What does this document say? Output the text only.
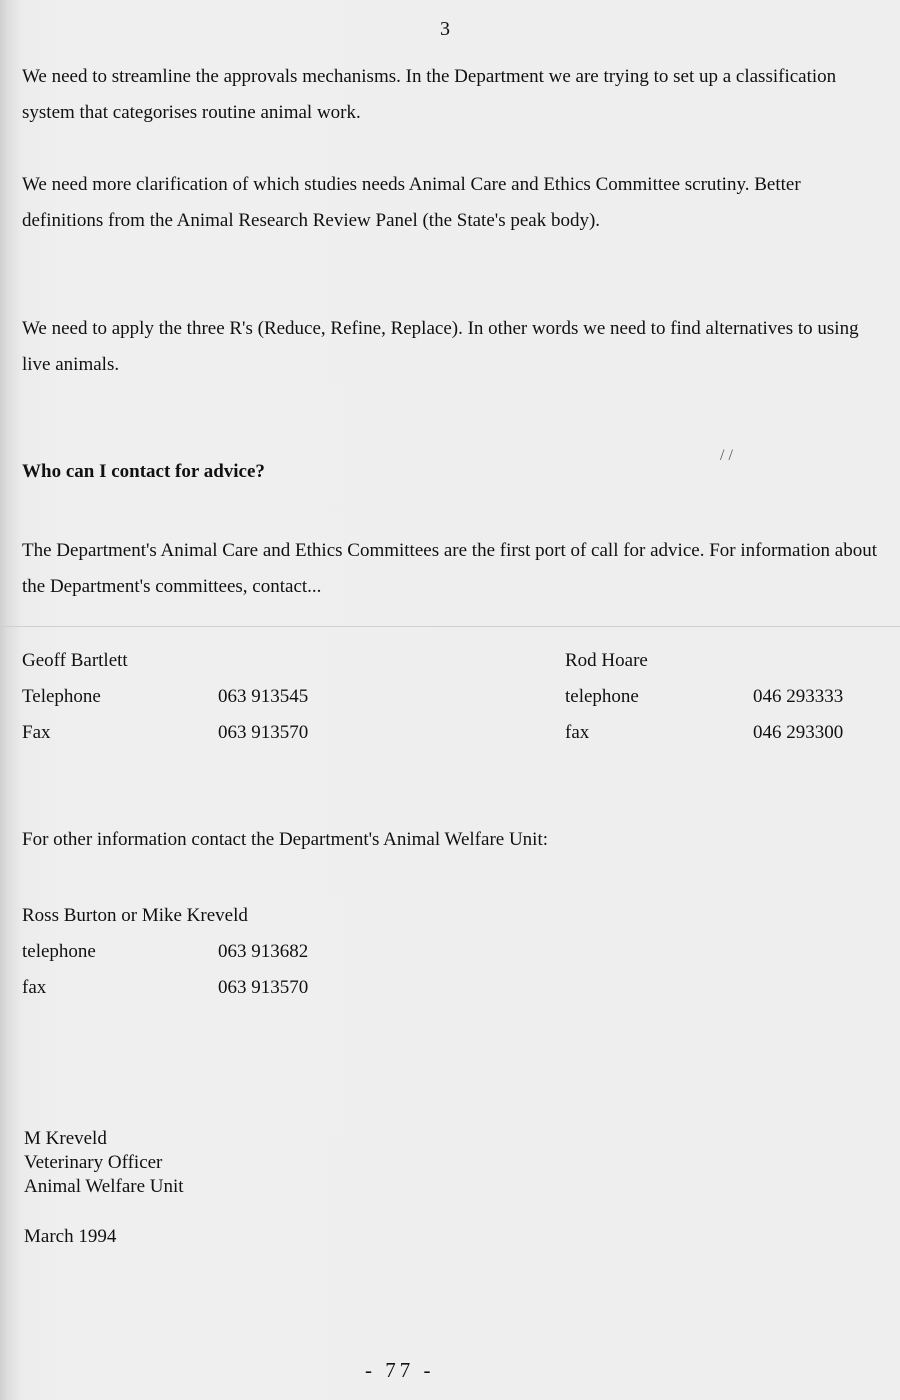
3
We need to streamline the approvals mechanisms. In the Department we are trying to set up a classification system that categorises routine animal work.
We need more clarification of which studies needs Animal Care and Ethics Committee scrutiny. Better definitions from the Animal Research Review Panel (the State's peak body).
We need to apply the three R's (Reduce, Refine, Replace). In other words we need to find alternatives to using live animals.
/ /
Who can I contact for advice?
The Department's Animal Care and Ethics Committees are the first port of call for advice. For information about the Department's committees, contact...
Geoff Bartlett
Telephone	063 913545
Fax	063 913570
Rod Hoare
telephone	046 293333
fax	046 293300
For other information contact the Department's Animal Welfare Unit:
Ross Burton or Mike Kreveld
telephone	063 913682
fax	063 913570
M Kreveld
Veterinary Officer
Animal Welfare Unit
March 1994
- 77 -
